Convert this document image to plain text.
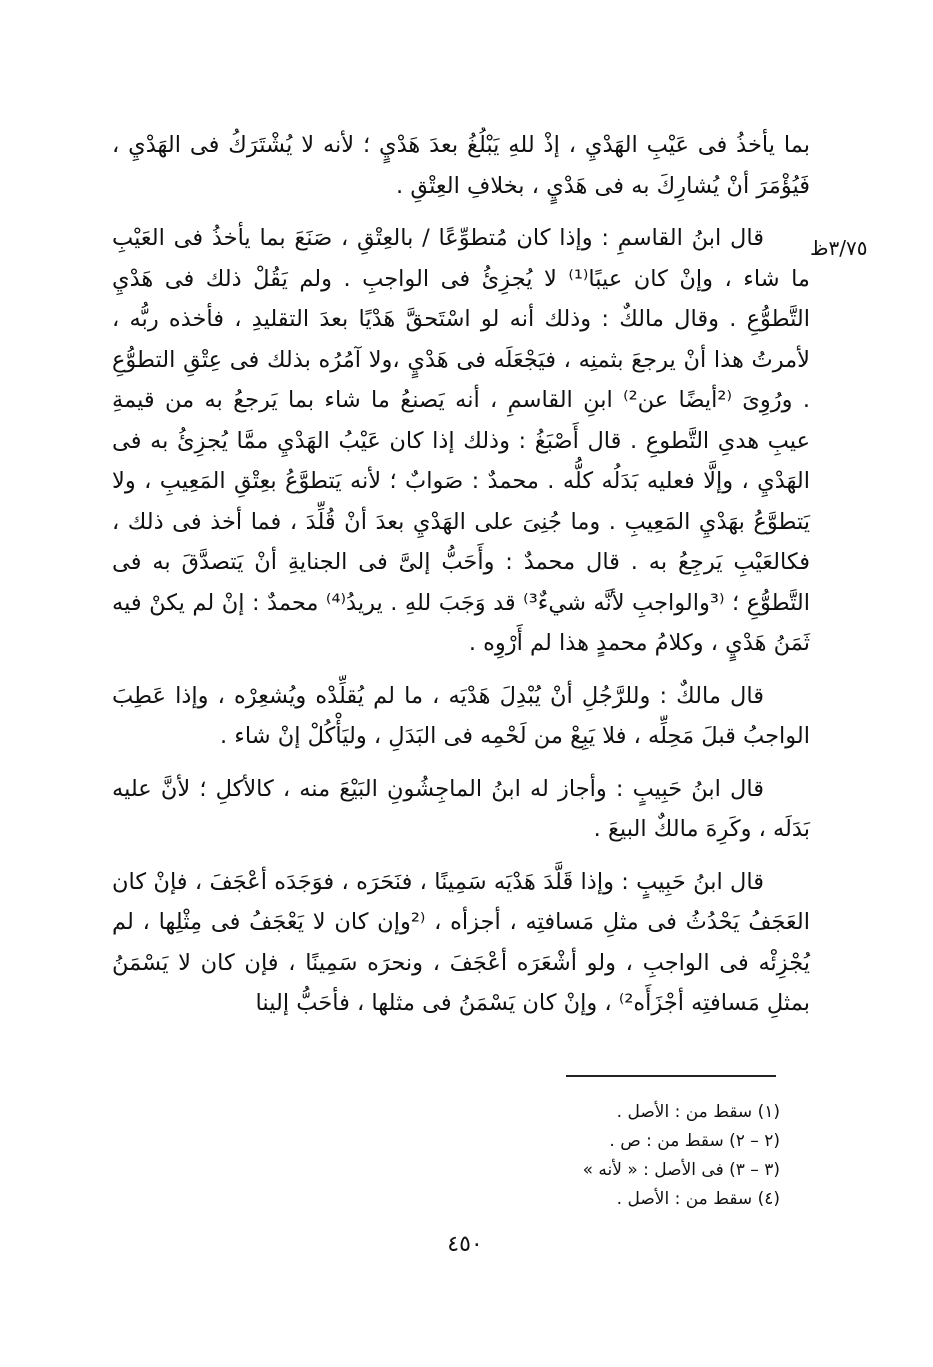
٣/٧٥ظ

بما يأخذُ فى عَيْبِ الهَدْيِ ، إذْ للهِ يَبْلُغُ بعدَ هَدْيٍ ؛ لأنه لا يُشْتَرَكُ فى الهَدْيِ ، فَيُؤْمَرَ أنْ يُشارِكَ به فى هَدْيٍ ، بخلافِ العِتْقِ .

قال ابنُ القاسمِ : وإذا كان مُتطوِّعًا / بالعِتْقِ ، صَنَعَ بما يأخذُ فى العَيْبِ ما شاء ، وإنْ كان عيبًا⁽¹⁾ لا يُجزِئُ فى الواجبِ . ولم يَقُلْ ذلك فى هَدْيِ التَّطوُّعِ . وقال مالكٌ : وذلك أنه لو اسْتَحقَّ هَدْيًا بعدَ التقليدِ ، فأخذه ربُّه ، لأمرتُ هذا أنْ يرجعَ بثمنِه ، فيَجْعَلَه فى هَدْيٍ ،ولا آمُرُه بذلك فى عِتْقِ التطوُّعِ . ورُوِىَ ⁽²أيضًا عن²⁾ ابنِ القاسمِ ، أنه يَصنعُ ما شاء بما يَرجعُ به من قيمةِ عيبِ هدىِ التَّطوعِ . قال أَصْبَغُ : وذلك إذا كان عَيْبُ الهَدْيِ ممَّا يُجزِئُ به فى الهَدْيِ ، وإلَّا فعليه بَدَلُه كلُّه . محمدٌ : صَوابٌ ؛ لأنه يَتطوَّعُ بعِتْقِ المَعِيبِ ، ولا يَتطوَّعُ بهَدْيِ المَعِيبِ . وما جُنِىَ على الهَدْيِ بعدَ أنْ قُلِّدَ ، فما أخذ فى ذلك ، فكالعَيْبِ يَرجِعُ به . قال محمدٌ : وأَحَبُّ إلىَّ فى الجنايةِ أنْ يَتصدَّقَ به فى التَّطوُّعِ ؛ ⁽³والواجبِ لأنَّه شيءٌ³⁾ قد وَجَبَ للهِ . يريدُ⁽⁴⁾ محمدٌ : إنْ لم يكنْ فيه ثَمَنُ هَدْيٍ ، وكلامُ محمدٍ هذا لم أَرْوِه .

قال مالكٌ : وللرَّجُلِ أنْ يُبْدِلَ هَدْيَه ، ما لم يُقلِّدْه ويُشعِرْه ، وإذا عَطِبَ الواجبُ قبلَ مَحِلِّه ، فلا يَبِعْ من لَحْمِه فى البَدَلِ ، وليَأْكُلْ إنْ شاء .

قال ابنُ حَبِيبٍ : وأجاز له ابنُ الماجِشُونِ البَيْعَ منه ، كالأكلِ ؛ لأنَّ عليه بَدَلَه ، وكَرِهَ مالكٌ البيعَ .

قال ابنُ حَبِيبٍ : وإذا قَلَّدَ هَدْيَه سَمِينًا ، فنَحَرَه ، فوَجَدَه أعْجَفَ ، فإنْ كان العَجَفُ يَحْدُثُ فى مثلِ مَسافتِه ، أجزأه ، ⁽²وإن كان لا يَعْجَفُ فى مِثْلِها ، لم يُجْزِئْه فى الواجبِ ، ولو أشْعَرَه أعْجَفَ ، ونحرَه سَمِينًا ، فإن كان لا يَسْمَنُ بمثلِ مَسافتِه أجْزَأَه²⁾ ، وإنْ كان يَسْمَنُ فى مثلها ، فأحَبُّ إلينا

(١) سقط من : الأصل .
(٢ – ٢) سقط من : ص .
(٣ – ٣) فى الأصل : « لأنه »
(٤) سقط من : الأصل .
٤٥٠
